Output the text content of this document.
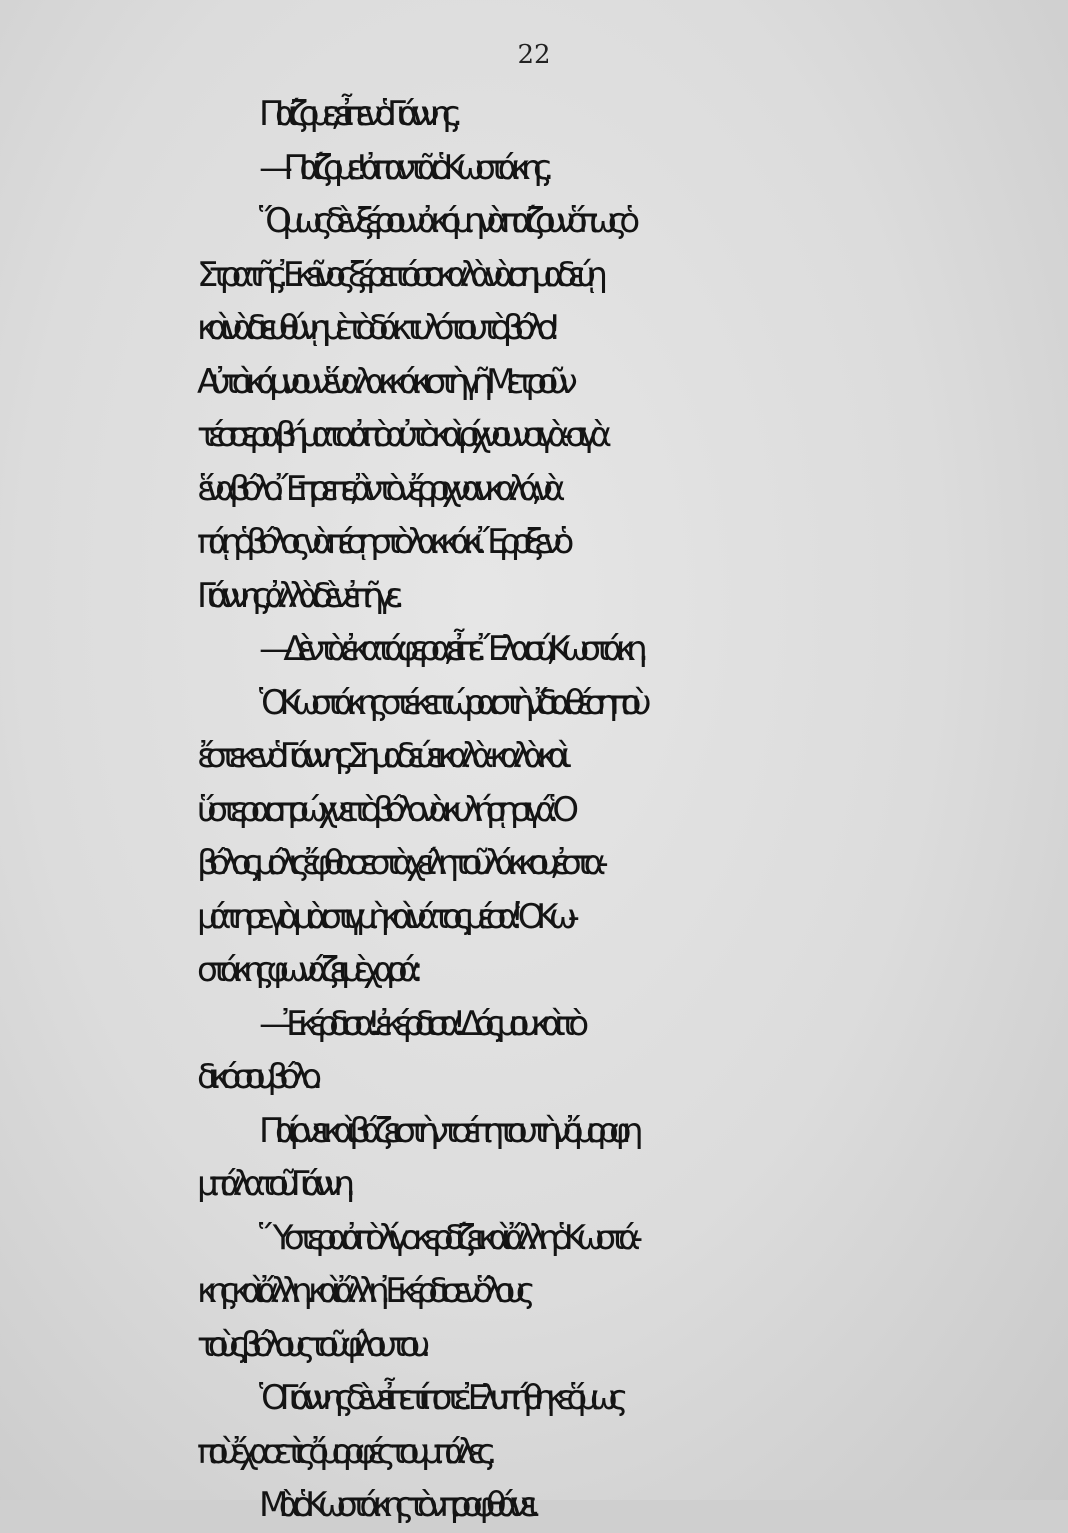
22
Παίζομε; εἶπεν ὁ Γιάννης.
—Παίζομε! ἀπαντᾶ ὁ Κωστάκης.
Ὅμως δὲν ξέρουν ἀκόμη νὰ παίζουν ὅπως ὁ
Στρατῆς. Ἐκεῖνος ξέρει τόσο καλὰ νὰ σημαδεύῃ
καὶ νὰ διευθύνῃ μὲ τὸ δάκτυλό του τὸ βόλο!
Αὐτοὶ κάμνουν ἕνα λακκάκι στὴ γῆ. Μετροῦν
τέσσερα βήματα ἀπὸ αὐτὸ καὶ ρίχνουν σιγὰ - σιγὰ
ἕνα βόλο. Ἔπρεπε, ἂν τὸν ἔρριχναν καλά, νὰ
πάῃ ὁ βόλος νὰ πέσῃ στὸ λακκάκι. Ἔρριξεν ὁ
Γιάννης, ἀλλὰ δὲν ἐπῆγε.
—Δὲν τὰ ἐκατάφερα, εἶπε. Ἔλα σύ, Κωστάκη.
Ὁ Κωστάκης στέκει τώρα στὴν ἴδια θέση ποὺ
ἔστεκεν ὁ Γιάννης. Σημαδεύει καλὰ - καλὰ καὶ
ὕστερα σπρώχνει τὸ βόλο νὰ κυλήσῃ σιγά. Ὁ
βόλος, μόλις ἔφθασε στὰ χείλη τοῦ λάκκου, ἐστα-
μάτησε γιὰ μιὰ στιγμὴ καὶ νά τος μέσα! Ὁ Κω-
στάκης φωνάζει μὲ χαρά :
—Ἐκέρδισα!.. ἐκέρδισα!.. Δός μου καὶ τὸ
δικό σου βόλο.
Παίρνει καὶ βάζει στὴν τσέπη του τὴν ὄμορφη
μπάλα τοῦ Γιάννη.
Ὕστερα ἀπὸ λίγο κερδίζει καὶ ἄλλη ὁ Κωστά-
κης καὶ ἄλλη... καὶ ἄλλη. Ἐκέρδισεν ὅλους
τοὺς βόλους τοῦ φίλου του.
Ὁ Γιάννης δὲν εἶπε τίποτε. Ἐλυπήθηκε ὅμως
ποὺ ἔχασε τὶς ὄμορφές του μπάλες.
Μὰ ὁ Κωστάκης τὸν προφθάνει.
